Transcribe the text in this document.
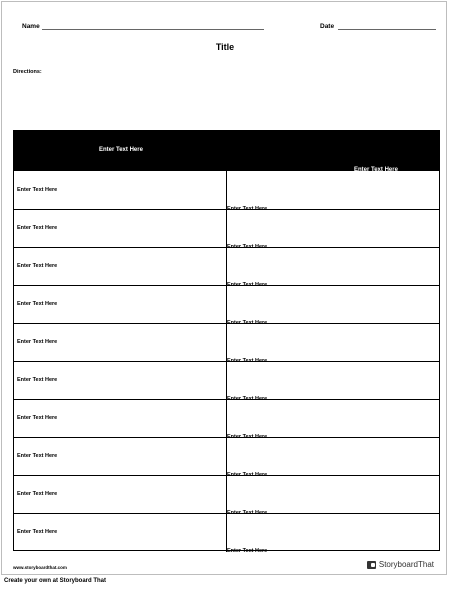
Name	Date
Title
Directions:
Enter Text Here
Enter Text Here
Enter Text Here
Enter Text Here
Enter Text Here
Enter Text Here
Enter Text Here
Enter Text Here
Enter Text Here
Enter Text Here
Enter Text Here
Enter Text Here
Enter Text Here
Enter Text Here
Enter Text Here
Enter Text Here
Enter Text Here
Enter Text Here
Enter Text Here
Enter Text Here
Enter Text Here
Enter Text Here
www.storyboardthat.com	StoryboardThat
Create your own at Storyboard That
